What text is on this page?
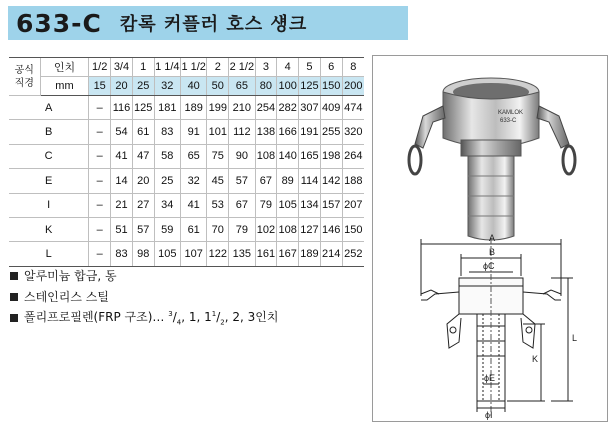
633-C 캄록 커플러 호스 섕크
공식직경	인치	1/2	3/4	1	1 1/4	1 1/2	2	2 1/2	3	4	5	6	8
	mm	15	20	25	32	40	50	65	80	100	125	150	200
A		–	116	125	181	189	199	210	254	282	307	409	474
B		–	54	61	83	91	101	112	138	166	191	255	320
C		–	41	47	58	65	75	90	108	140	165	198	264
E		–	14	20	25	32	45	57	67	89	114	142	188
I		–	21	27	34	41	53	67	79	105	134	157	207
K		–	51	57	59	61	70	79	102	108	127	146	150
L		–	83	98	105	107	122	135	161	167	189	214	252
알루미늄 합금, 동
스테인리스 스틸
폴리프로필렌(FRP 구조)… $^3/_4$, 1, $1^1/_2$, 2, 3인치
KAMLOK
633-C
A
B
ϕC
L
K
ϕE
ϕI
